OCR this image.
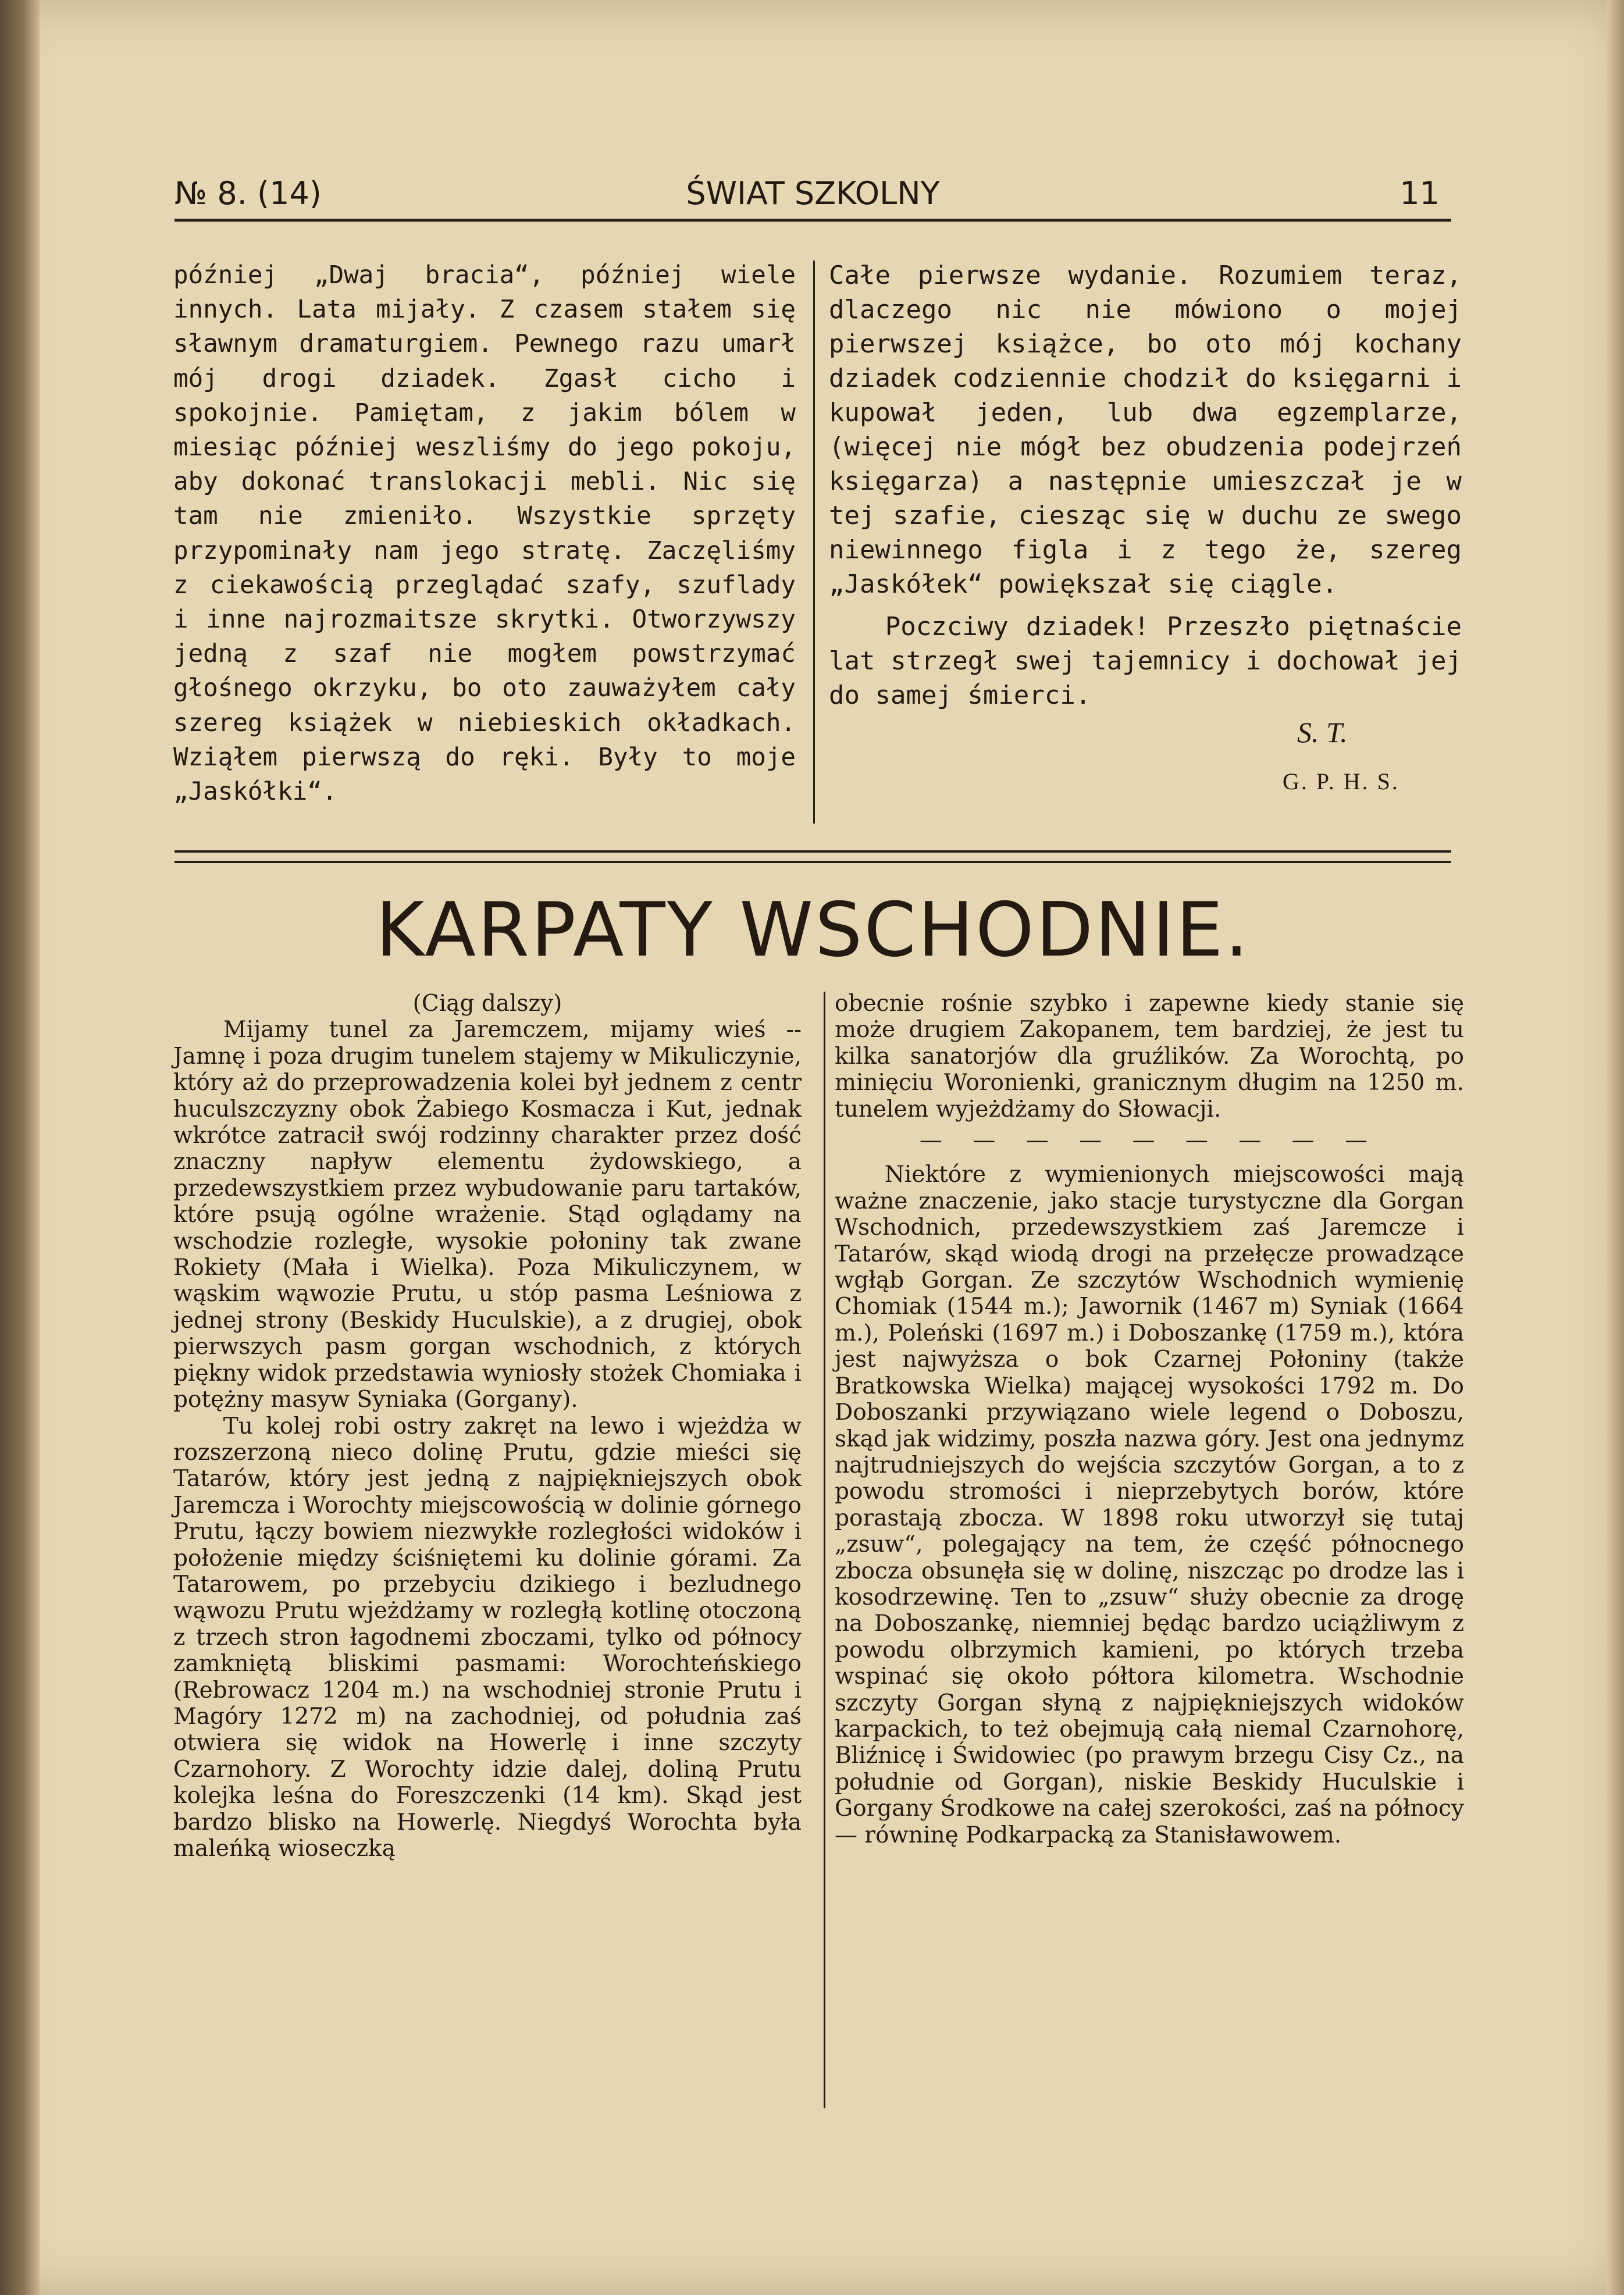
№ 8. (14)	ŚWIAT SZKOLNY	11

później „Dwaj bracia“, później wiele innych. Lata mijały. Z czasem stałem się sławnym dramaturgiem. Pewnego razu umarł mój drogi dziadek. Zgasł cicho i spokojnie. Pamiętam, z jakim bólem w miesiąc później weszliśmy do jego pokoju, aby dokonać translokacji mebli. Nic się tam nie zmieniło. Wszystkie sprzęty przypominały nam jego stratę. Zaczęliśmy z ciekawością przeglądać szafy, szuflady i inne najrozmaitsze skrytki. Otworzywszy jedną z szaf nie mogłem powstrzymać głośnego okrzyku, bo oto zauważyłem cały szereg książek w niebieskich okładkach. Wziąłem pierwszą do ręki. Były to moje „Jaskółki“.

Całe pierwsze wydanie. Rozumiem teraz, dlaczego nic nie mówiono o mojej pierwszej książce, bo oto mój kochany dziadek codziennie chodził do księgarni i kupował jeden, lub dwa egzemplarze, (więcej nie mógł bez obudzenia podejrzeń księgarza) a następnie umieszczał je w tej szafie, ciesząc się w duchu ze swego niewinnego figla i z tego że, szereg „Jaskółek“ powiększał się ciągle.

Poczciwy dziadek! Przeszło piętnaście lat strzegł swej tajemnicy i dochował jej do samej śmierci.

S. T.
G. P. H. S.
KARPATY WSCHODNIE.

(Ciąg dalszy)

Mijamy tunel za Jaremczem, mijamy wieś -- Jamnę i poza drugim tunelem stajemy w Mikuliczynie, który aż do przeprowadzenia kolei był jednem z centr huculszczyzny obok Żabiego Kosmacza i Kut, jednak wkrótce zatracił swój rodzinny charakter przez dość znaczny napływ elementu żydowskiego, a przedewszystkiem przez wybudowanie paru tartaków, które psują ogólne wrażenie. Stąd oglądamy na wschodzie rozległe, wysokie połoniny tak zwane Rokiety (Mała i Wielka). Poza Mikuliczynem, w wąskim wąwozie Prutu, u stóp pasma Leśniowa z jednej strony (Beskidy Huculskie), a z drugiej, obok pierwszych pasm gorgan wschodnich, z których piękny widok przedstawia wyniosły stożek Chomiaka i potężny masyw Syniaka (Gorgany).

Tu kolej robi ostry zakręt na lewo i wjeżdża w rozszerzoną nieco dolinę Prutu, gdzie mieści się Tatarów, który jest jedną z najpiękniejszych obok Jaremcza i Worochty miejscowością w dolinie górnego Prutu, łączy bowiem niezwykłe rozległości widoków i położenie między ściśniętemi ku dolinie górami. Za Tatarowem, po przebyciu dzikiego i bezludnego wąwozu Prutu wjeżdżamy w rozległą kotlinę otoczoną z trzech stron łagodnemi zboczami, tylko od północy zamkniętą bliskimi pasmami: Worochteńskiego (Rebrowacz 1204 m.) na wschodniej stronie Prutu i Magóry 1272 m) na zachodniej, od południa zaś otwiera się widok na Howerlę i inne szczyty Czarnohory. Z Worochty idzie dalej, doliną Prutu kolejka leśna do Foreszczenki (14 km). Skąd jest bardzo blisko na Howerlę. Niegdyś Worochta była maleńką wioseczką

obecnie rośnie szybko i zapewne kiedy stanie się może drugiem Zakopanem, tem bardziej, że jest tu kilka sanatorjów dla gruźlików. Za Worochtą, po minięciu Woronienki, granicznym długim na 1250 m. tunelem wyjeżdżamy do Słowacji.

— — — — — — — — —

Niektóre z wymienionych miejscowości mają ważne znaczenie, jako stacje turystyczne dla Gorgan Wschodnich, przedewszystkiem zaś Jaremcze i Tatarów, skąd wiodą drogi na przełęcze prowadzące wgłąb Gorgan. Ze szczytów Wschodnich wymienię Chomiak (1544 m.); Jawornik (1467 m) Syniak (1664 m.), Poleński (1697 m.) i Doboszankę (1759 m.), która jest najwyższa o bok Czarnej Połoniny (także Bratkowska Wielka) mającej wysokości 1792 m. Do Doboszanki przywiązano wiele legend o Doboszu, skąd jak widzimy, poszła nazwa góry. Jest ona jednymz najtrudniejszych do wejścia szczytów Gorgan, a to z powodu stromości i nieprzebytych borów, które porastają zbocza. W 1898 roku utworzył się tutaj „zsuw“, polegający na tem, że część północnego zbocza obsunęła się w dolinę, niszcząc po drodze las i kosodrzewinę. Ten to „zsuw“ służy obecnie za drogę na Doboszankę, niemniej będąc bardzo uciążliwym z powodu olbrzymich kamieni, po których trzeba wspinać się około półtora kilometra. Wschodnie szczyty Gorgan słyną z najpiękniejszych widoków karpackich, to też obejmują całą niemal Czarnohorę, Bliźnicę i Świdowiec (po prawym brzegu Cisy Cz., na południe od Gorgan), niskie Beskidy Huculskie i Gorgany Środkowe na całej szerokości, zaś na północy — równinę Podkarpacką za Stanisławowem.
